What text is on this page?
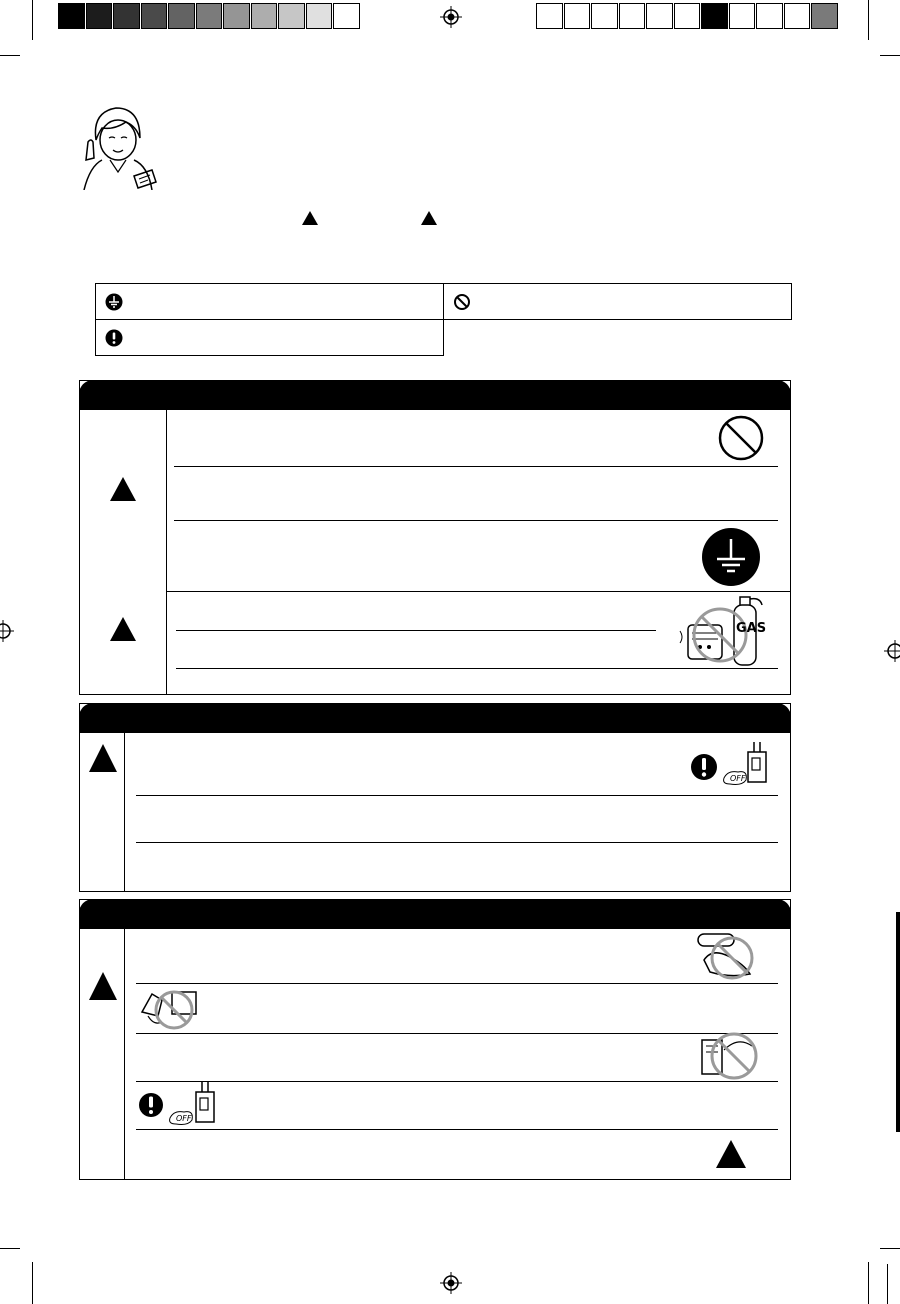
GAS
OFF
OFF
